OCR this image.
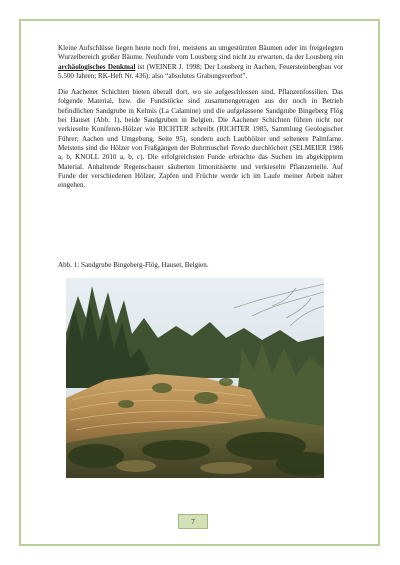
Kleine Aufschlüsse liegen heute noch frei, meistens an umgestürzten Bäumen oder im freigelegten Wurzelbereich großer Bäume. Neufunde vom Lousberg sind nicht zu erwarten, da der Lousberg ein archäologisches Denkmal ist (WEINER J. 1998; Der Lousberg in Aachen, Feuersteinbergbau vor 5.500 Jahren; RK-Heft Nr. 436): also “absolutes Grabungsverbot”.

Die Aachener Schichten bieten überall dort, wo sie aufgeschlossen sind, Pflanzenfossilien. Das folgende Material, bzw. die Fundstücke sind zusammengetragen aus der noch in Betrieb befindlichen Sandgrube in Kelmis (La Calamine) und die aufgelassene Sandgrube Bingeberg Flög bei Hauset (Abb. 1), beide Sandgruben in Belgien. Die Aachener Schichten führen nicht nur verkieselte Koniferen-Hölzer wie RICHTER schreibt (RICHTER 1985, Sammlung Geologischer Führer; Aachen und Umgebung, Seite 95), sondern auch Laubhölzer und seltenere Palmfarne. Meistens sind die Hölzer von Fraßgängen der Bohrmuschel Teredo durchlöchert (SELMEIER 1986 a, b, KNOLL 2010 a, b, c). Die erfolgreichsten Funde erbrachte das Suchen im abgekipptem Material. Anhaltende Regenschauer säuberten limonitisierte und verkieselte Pflanzenteile. Auf Funde der verschiedenen Hölzer, Zapfen und Früchte werde ich im Laufe meiner Arbeit näher eingehen.

Abb. 1: Sandgrube Bingeberg-Flög, Hauset, Belgien.
7
